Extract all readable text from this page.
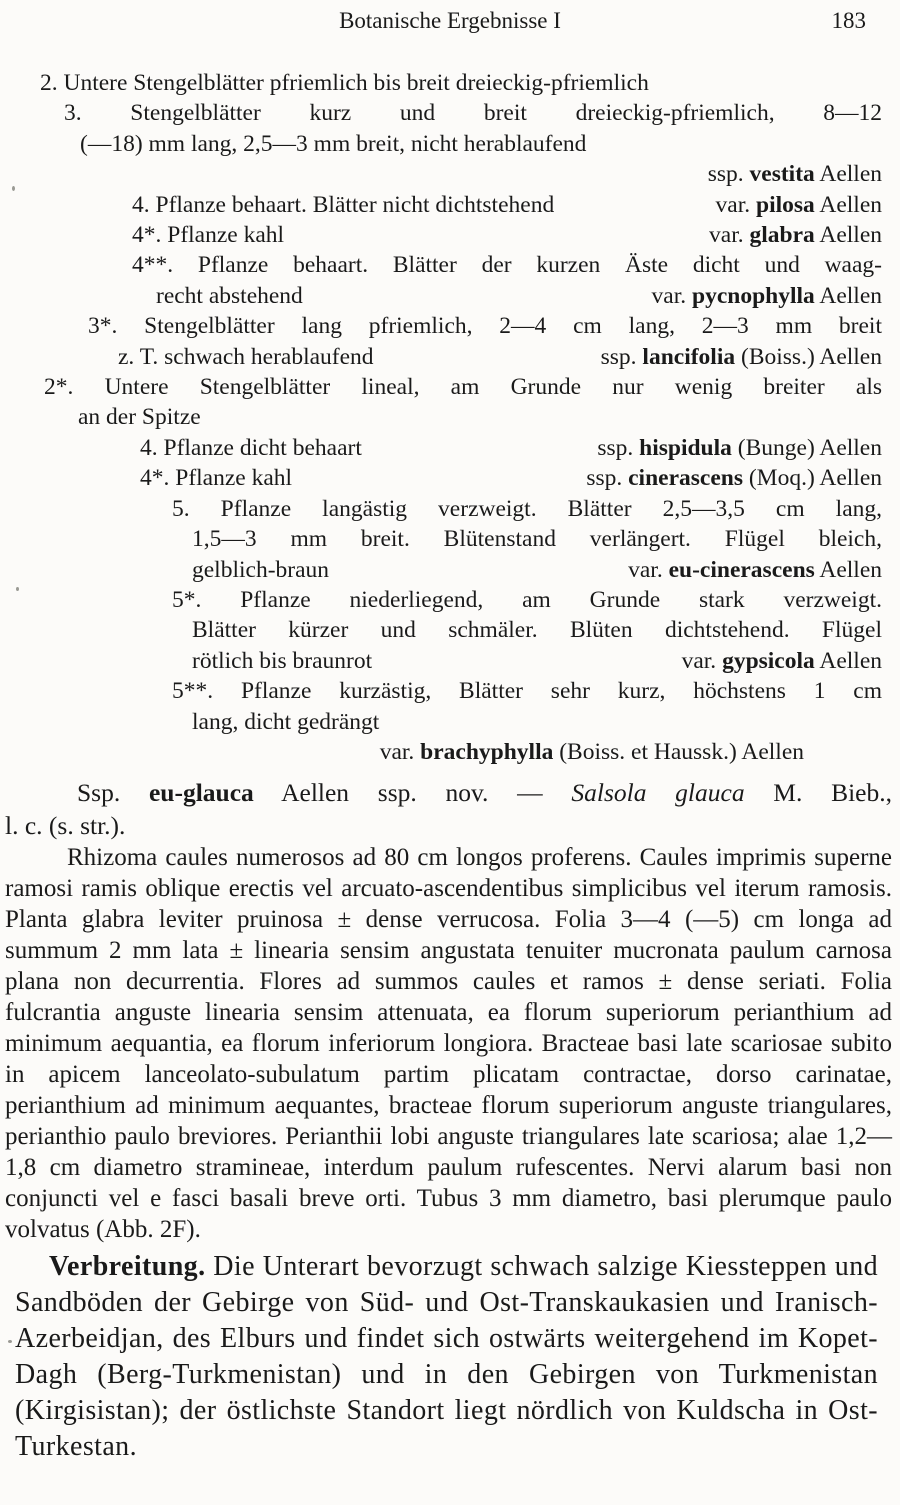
Botanische Ergebnisse I	183
2. Untere Stengelblätter pfriemlich bis breit dreieckig-pfriemlich
3. Stengelblätter kurz und breit dreieckig-pfriemlich, 8—12
(—18) mm lang, 2,5—3 mm breit, nicht herablaufend
ssp. vestita Aellen
4. Pflanze behaart. Blätter nicht dichtstehend	var. pilosa Aellen
4*. Pflanze kahl	var. glabra Aellen
4**. Pflanze behaart. Blätter der kurzen Äste dicht und waag-
recht abstehend	var. pycnophylla Aellen
3*. Stengelblätter lang pfriemlich, 2—4 cm lang, 2—3 mm breit
z. T. schwach herablaufend	ssp. lancifolia (Boiss.) Aellen
2*. Untere Stengelblätter lineal, am Grunde nur wenig breiter als
an der Spitze
4. Pflanze dicht behaart	ssp. hispidula (Bunge) Aellen
4*. Pflanze kahl	ssp. cinerascens (Moq.) Aellen
5. Pflanze langästig verzweigt. Blätter 2,5—3,5 cm lang,
1,5—3 mm breit. Blütenstand verlängert. Flügel bleich,
gelblich-braun	var. eu-cinerascens Aellen
5*. Pflanze niederliegend, am Grunde stark verzweigt.
Blätter kürzer und schmäler. Blüten dichtstehend. Flügel
rötlich bis braunrot	var. gypsicola Aellen
5**. Pflanze kurzästig, Blätter sehr kurz, höchstens 1 cm
lang, dicht gedrängt
var. brachyphylla (Boiss. et Haussk.) Aellen

Ssp. eu-glauca Aellen ssp. nov. — Salsola glauca M. Bieb.,
l. c. (s. str.).

Rhizoma caules numerosos ad 80 cm longos proferens. Caules imprimis superne ramosi ramis oblique erectis vel arcuato-ascendentibus simplicibus vel iterum ramosis. Planta glabra leviter pruinosa ± dense verrucosa. Folia 3—4 (—5) cm longa ad summum 2 mm lata ± linearia sensim angustata tenuiter mucronata paulum carnosa plana non decurrentia. Flores ad summos caules et ramos ± dense seriati. Folia fulcrantia anguste linearia sensim attenuata, ea florum superiorum perianthium ad minimum aequantia, ea florum inferiorum longiora. Bracteae basi late scariosae subito in apicem lanceolato-subulatum partim plicatam contractae, dorso carinatae, perianthium ad minimum aequantes, bracteae florum superiorum anguste triangulares, perianthio paulo breviores. Perianthii lobi anguste triangulares late scariosa; alae 1,2—1,8 cm diametro stramineae, interdum paulum rufescentes. Nervi alarum basi non conjuncti vel e fasci basali breve orti. Tubus 3 mm diametro, basi plerumque paulo volvatus (Abb. 2F).

Verbreitung. Die Unterart bevorzugt schwach salzige Kiessteppen und Sandböden der Gebirge von Süd- und Ost-Transkaukasien und Iranisch-Azerbeidjan, des Elburs und findet sich ostwärts weitergehend im Kopet-Dagh (Berg-Turkmenistan) und in den Gebirgen von Turkmenistan (Kirgisistan); der östlichste Standort liegt nördlich von Kuldscha in Ost-Turkestan.
